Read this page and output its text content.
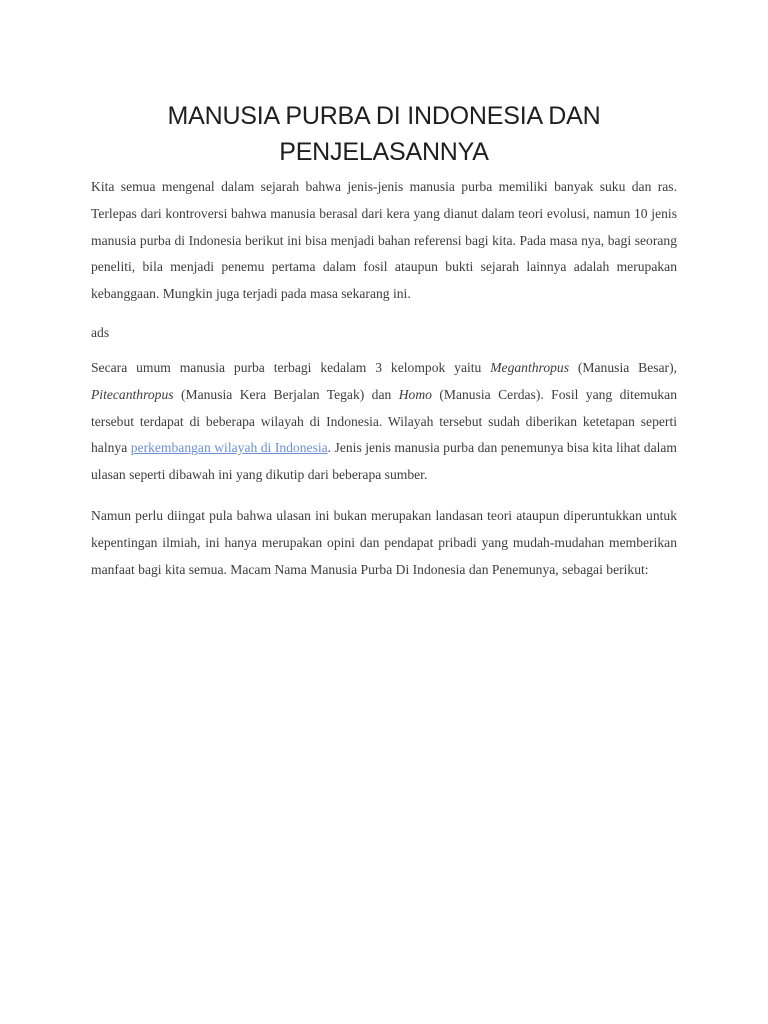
MANUSIA PURBA DI INDONESIA DAN PENJELASANNYA

Kita semua mengenal dalam sejarah bahwa jenis-jenis manusia purba memiliki banyak suku dan ras. Terlepas dari kontroversi bahwa manusia berasal dari kera yang dianut dalam teori evolusi, namun 10 jenis manusia purba di Indonesia berikut ini bisa menjadi bahan referensi bagi kita. Pada masa nya, bagi seorang peneliti, bila menjadi penemu pertama dalam fosil ataupun bukti sejarah lainnya adalah merupakan kebanggaan. Mungkin juga terjadi pada masa sekarang ini.

ads

Secara umum manusia purba terbagi kedalam 3 kelompok yaitu Meganthropus (Manusia Besar), Pitecanthropus (Manusia Kera Berjalan Tegak) dan Homo (Manusia Cerdas). Fosil yang ditemukan tersebut terdapat di beberapa wilayah di Indonesia. Wilayah tersebut sudah diberikan ketetapan seperti halnya perkembangan wilayah di Indonesia. Jenis jenis manusia purba dan penemunya bisa kita lihat dalam ulasan seperti dibawah ini yang dikutip dari beberapa sumber.

Namun perlu diingat pula bahwa ulasan ini bukan merupakan landasan teori ataupun diperuntukkan untuk kepentingan ilmiah, ini hanya merupakan opini dan pendapat pribadi yang mudah-mudahan memberikan manfaat bagi kita semua. Macam Nama Manusia Purba Di Indonesia dan Penemunya, sebagai berikut:
